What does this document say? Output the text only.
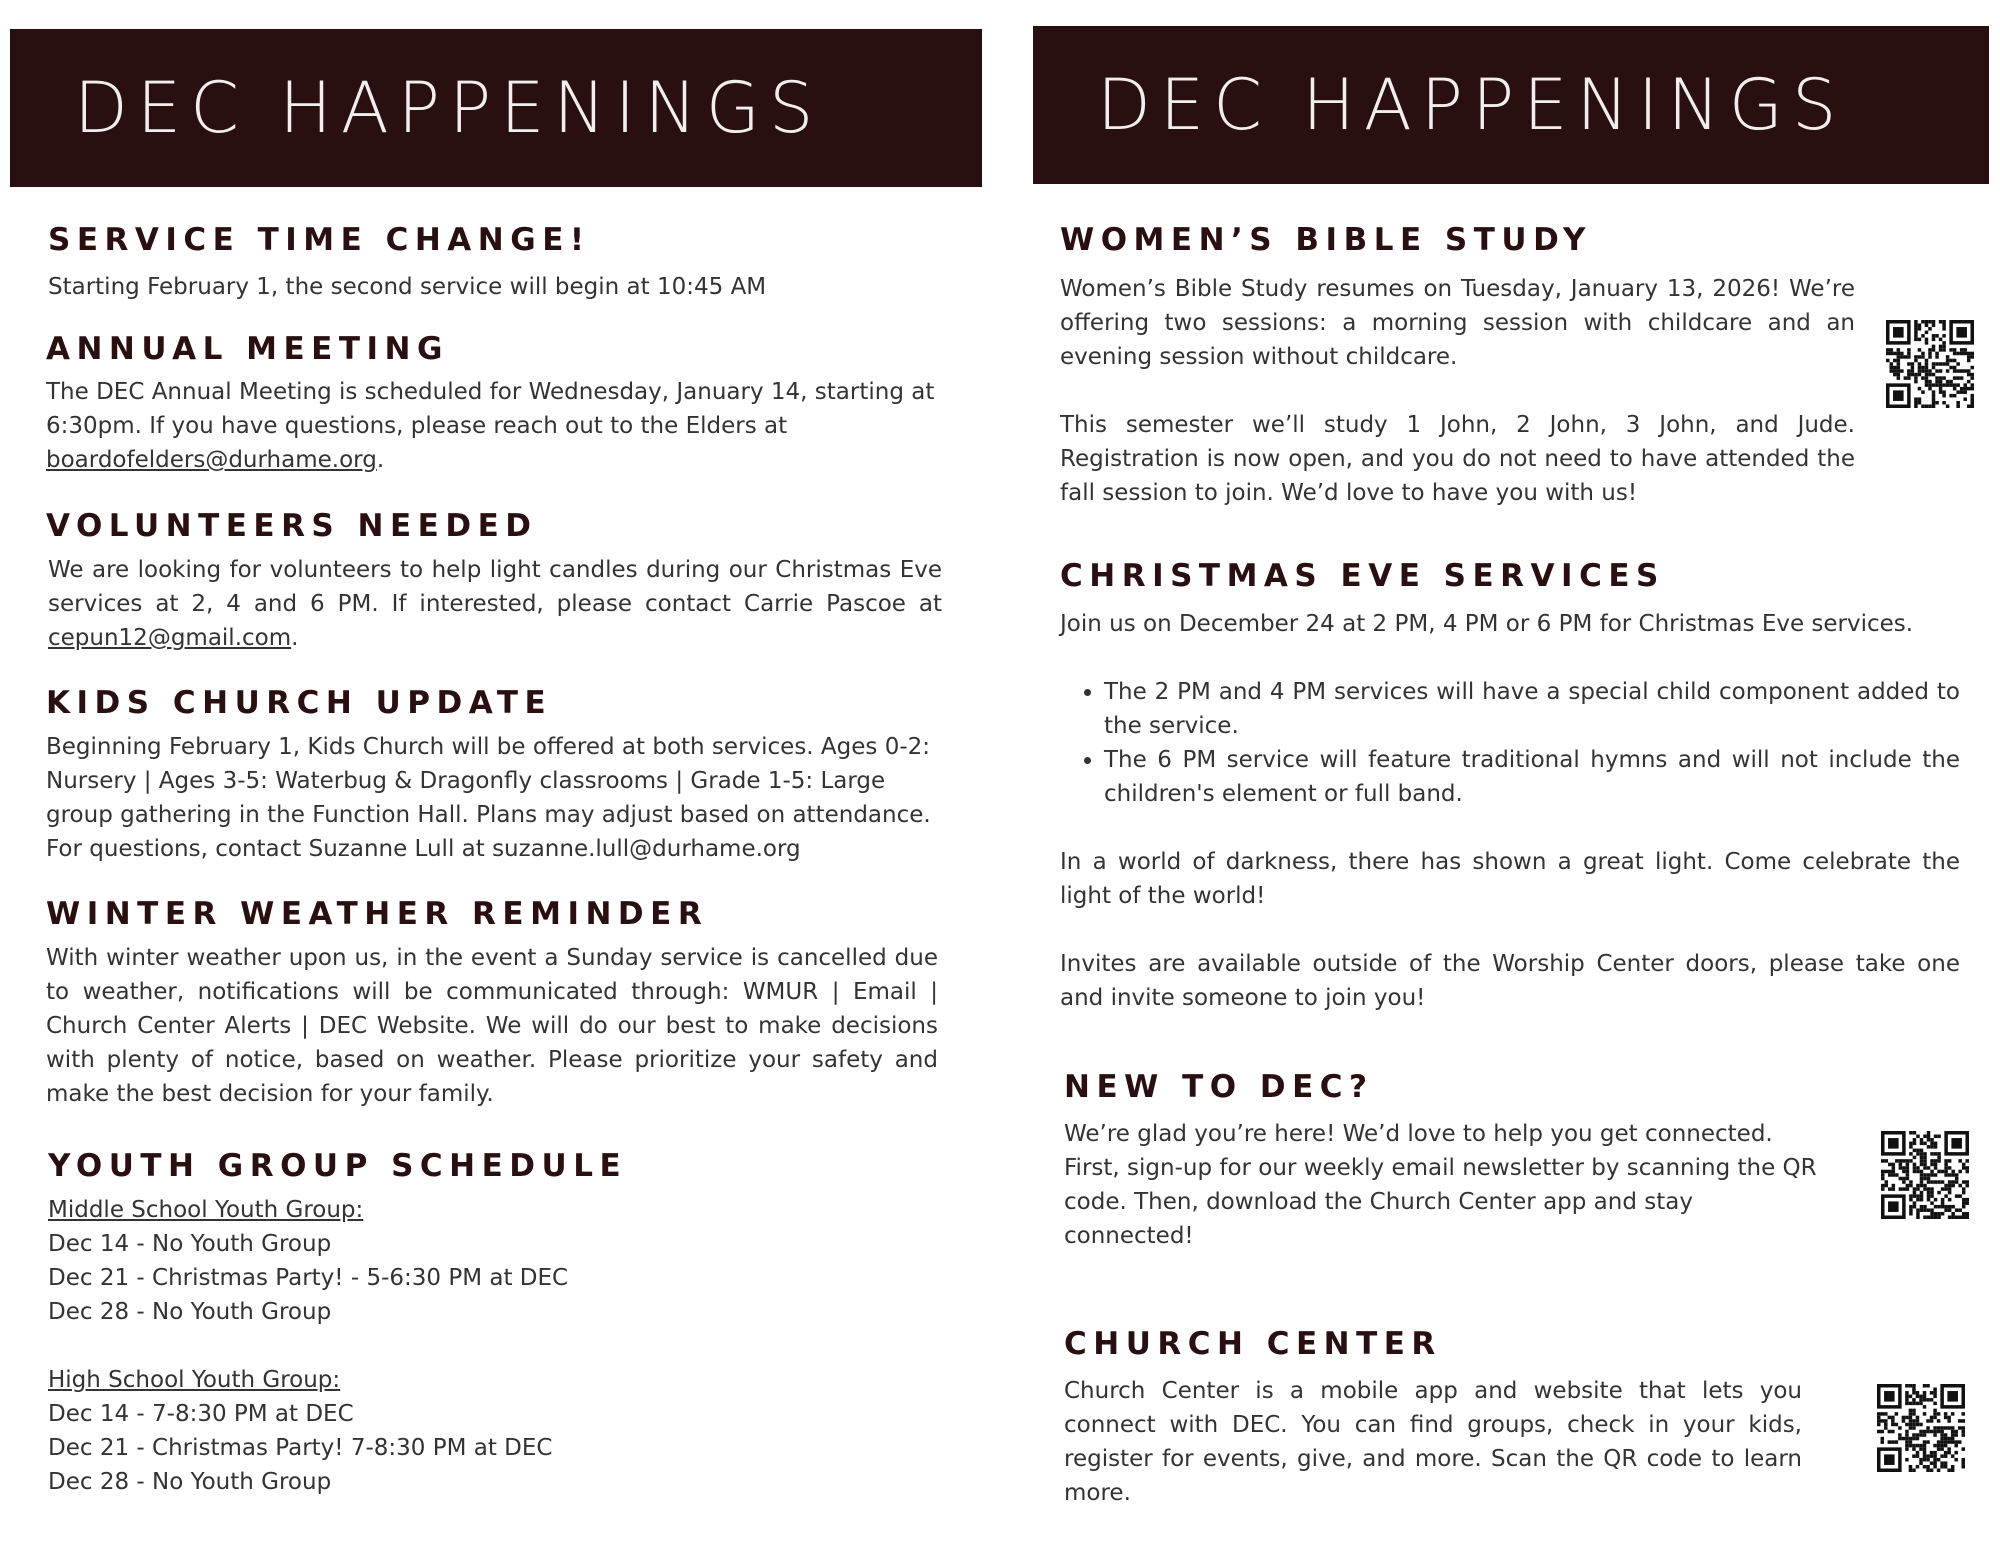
DEC HAPPENINGS	DEC HAPPENINGS
SERVICE TIME CHANGE!

Starting February 1, the second service will begin at 10:45 AM

ANNUAL MEETING

The DEC Annual Meeting is scheduled for Wednesday, January 14, starting at
6:30pm. If you have questions, please reach out to the Elders at
boardofelders@durhame.org.

VOLUNTEERS NEEDED

We are looking for volunteers to help light candles during our Christmas Eve services at 2, 4 and 6 PM. If interested, please contact Carrie Pascoe at cepun12@gmail.com.

KIDS CHURCH UPDATE

Beginning February 1, Kids Church will be offered at both services. Ages 0-2:
Nursery | Ages 3-5: Waterbug & Dragonfly classrooms | Grade 1-5: Large
group gathering in the Function Hall. Plans may adjust based on attendance.
For questions, contact Suzanne Lull at suzanne.lull@durhame.org

WINTER WEATHER REMINDER

With winter weather upon us, in the event a Sunday service is cancelled due to weather, notifications will be communicated through: WMUR | Email | Church Center Alerts | DEC Website. We will do our best to make decisions with plenty of notice, based on weather. Please prioritize your safety and make the best decision for your family.

YOUTH GROUP SCHEDULE

Middle School Youth Group:
Dec 14 - No Youth Group
Dec 21 - Christmas Party! - 5-6:30 PM at DEC
Dec 28 - No Youth Group
High School Youth Group:
Dec 14 - 7-8:30 PM at DEC
Dec 21 - Christmas Party! 7-8:30 PM at DEC
Dec 28 - No Youth Group

WOMEN’S BIBLE STUDY

Women’s Bible Study resumes on Tuesday, January 13, 2026! We’re offering two sessions: a morning session with childcare and an evening session without childcare.

This semester we’ll study 1 John, 2 John, 3 John, and Jude. Registration is now open, and you do not need to have attended the fall session to join. We’d love to have you with us!

CHRISTMAS EVE SERVICES

Join us on December 24 at 2 PM, 4 PM or 6 PM for Christmas Eve services.

• The 2 PM and 4 PM services will have a special child component added to the service.
• The 6 PM service will feature traditional hymns and will not include the children's element or full band.

In a world of darkness, there has shown a great light. Come celebrate the light of the world!

Invites are available outside of the Worship Center doors, please take one and invite someone to join you!

NEW TO DEC?

We’re glad you’re here! We’d love to help you get connected.
First, sign-up for our weekly email newsletter by scanning the QR
code. Then, download the Church Center app and stay
connected!

CHURCH CENTER

Church Center is a mobile app and website that lets you connect with DEC. You can find groups, check in your kids, register for events, give, and more. Scan the QR code to learn more.
